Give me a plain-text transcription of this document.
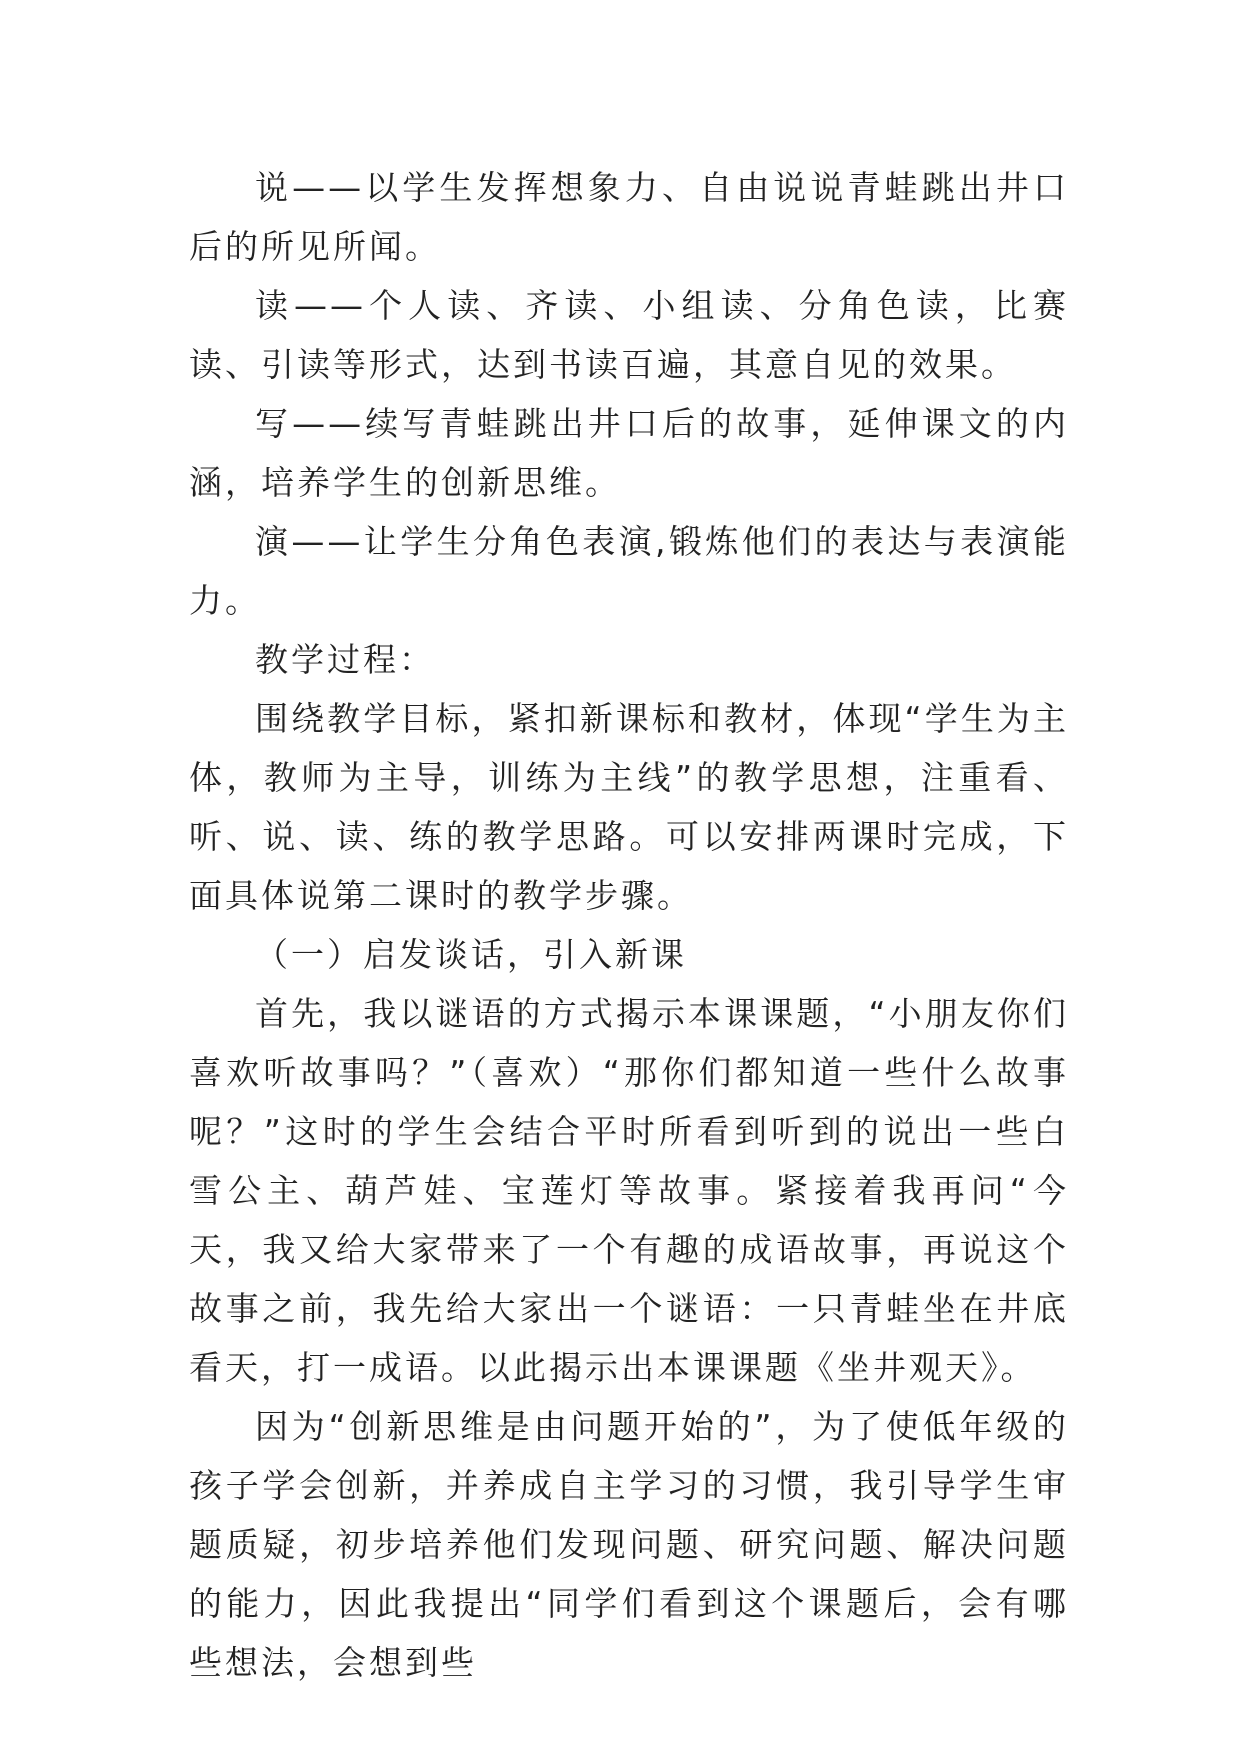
说——以学生发挥想象力、自由说说青蛙跳出井口后的所见所闻。

读——个人读、齐读、小组读、分角色读，比赛读、引读等形式，达到书读百遍，其意自见的效果。

写——续写青蛙跳出井口后的故事，延伸课文的内涵，培养学生的创新思维。

演——让学生分角色表演,锻炼他们的表达与表演能力。

教学过程：

围绕教学目标，紧扣新课标和教材，体现“学生为主体，教师为主导，训练为主线”的教学思想，注重看、听、说、读、练的教学思路。可以安排两课时完成，下面具体说第二课时的教学步骤。

（一）启发谈话，引入新课

首先，我以谜语的方式揭示本课课题，“小朋友你们喜欢听故事吗？”（喜欢）“那你们都知道一些什么故事呢？”这时的学生会结合平时所看到听到的说出一些白雪公主、葫芦娃、宝莲灯等故事。紧接着我再问“今天，我又给大家带来了一个有趣的成语故事，再说这个故事之前，我先给大家出一个谜语：一只青蛙坐在井底看天，打一成语。以此揭示出本课课题《坐井观天》。

因为“创新思维是由问题开始的”，为了使低年级的孩子学会创新，并养成自主学习的习惯，我引导学生审题质疑，初步培养他们发现问题、研究问题、解决问题的能力，因此我提出“同学们看到这个课题后，会有哪些想法，会想到些
